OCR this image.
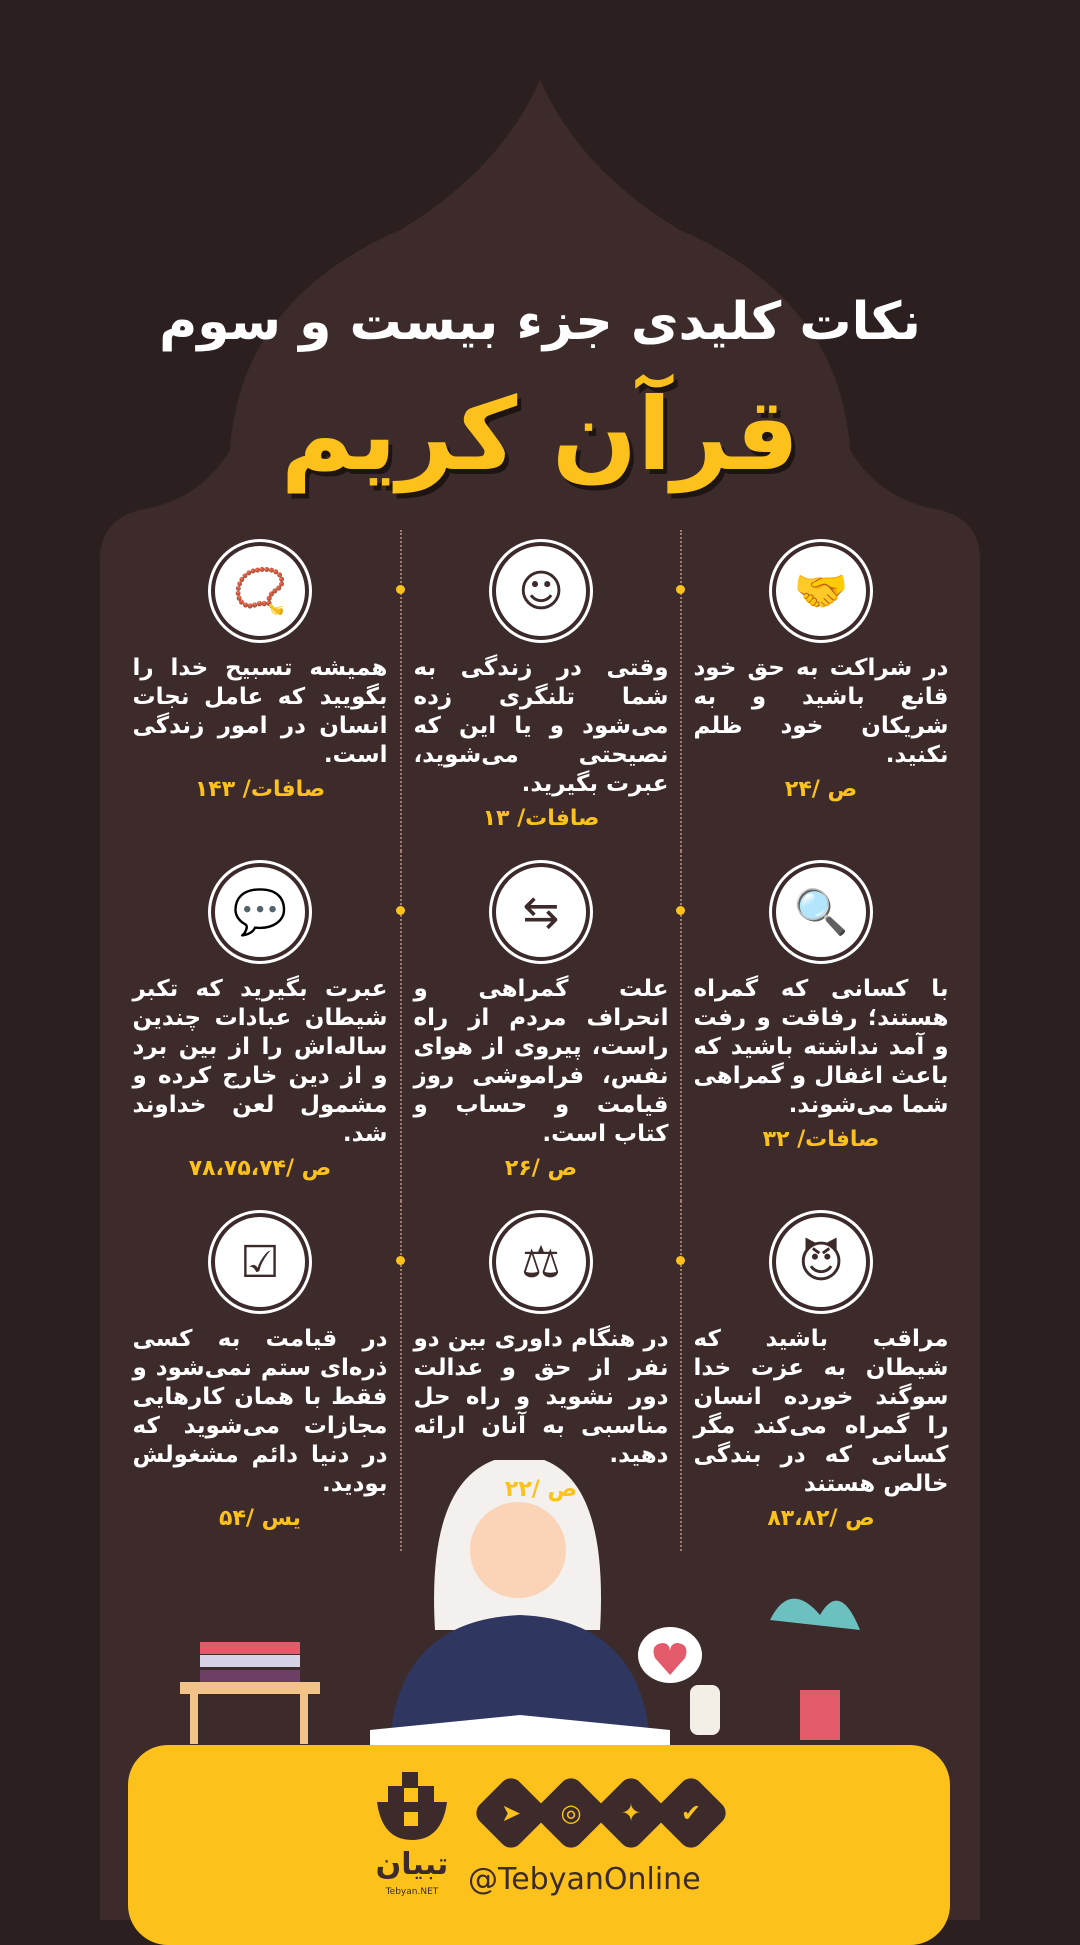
نکات کلیدی جزء بیست و سوم
قرآن کریم
🤝
در شراکت به حق خود قانع باشید و به شریکان خود ظلم نکنید.
ص /۲۴
☺
وقتی در زندگی به شما تلنگری زده می‌شود و یا این که نصیحتی می‌شوید، عبرت بگیرید.
صافات/ ۱۳
📿
همیشه تسبیح خدا را بگویید که عامل نجات انسان در امور زندگی است.
صافات/ ۱۴۳
🔍
با کسانی که گمراه هستند؛ رفاقت و رفت و آمد نداشته باشید که باعث اغفال و گمراهی شما می‌شوند.
صافات/ ۳۲
⇆
علت گمراهی و انحراف مردم از راه راست، پیروی از هوای نفس، فراموشی روز قیامت و حساب و کتاب است.
ص /۲۶
💬
عبرت بگیرید که تکبر شیطان عبادات چندین ساله‌اش را از بین برد و از دین خارج کرده و مشمول لعن خداوند شد.
ص /۷۸،۷۵،۷۴
😈
مراقب باشید که شیطان به عزت خدا سوگند خورده انسان را گمراه می‌کند مگر کسانی که در بندگی خالص هستند
ص /۸۳،۸۲
⚖
در هنگام داوری بین دو نفر از حق و عدالت دور نشوید و راه حل مناسبی به آنان ارائه دهید.
ص /۲۲
☑
در قیامت به کسی ذره‌ای ستم نمی‌شود و فقط با همان کارهایی مجازات می‌شوید که در دنیا دائم مشغولش بودید.
یس /۵۴
تبیان
Tebyan.NET
➤	◎	✦	✔
@TebyanOnline
